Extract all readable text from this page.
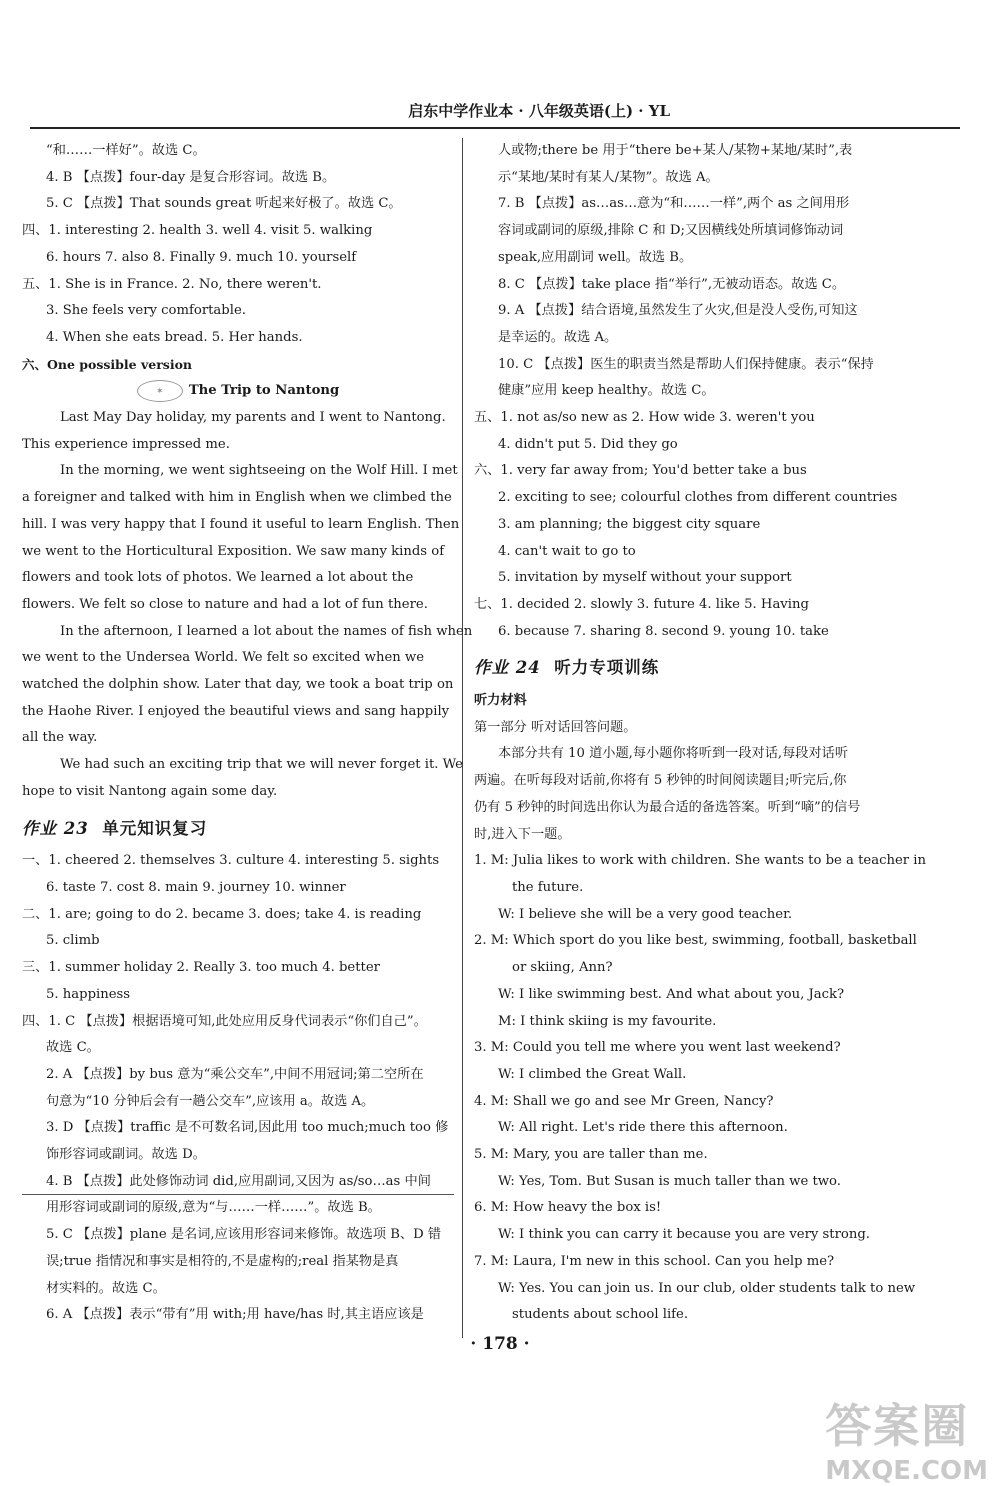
启东中学作业本 · 八年级英语(上) · YL
“和……一样好”。故选 C。
4. B 【点拨】four-day 是复合形容词。故选 B。
5. C 【点拨】That sounds great 听起来好极了。故选 C。
四、1. interesting 2. health 3. well 4. visit 5. walking
6. hours 7. also 8. Finally 9. much 10. yourself
五、1. She is in France. 2. No, there weren't.
3. She feels very comfortable.
4. When she eats bread. 5. Her hands.
六、One possible version
✶ The Trip to Nantong
Last May Day holiday, my parents and I went to Nantong.
This experience impressed me.
In the morning, we went sightseeing on the Wolf Hill. I met
a foreigner and talked with him in English when we climbed the
hill. I was very happy that I found it useful to learn English. Then
we went to the Horticultural Exposition. We saw many kinds of
flowers and took lots of photos. We learned a lot about the
flowers. We felt so close to nature and had a lot of fun there.
In the afternoon, I learned a lot about the names of fish when
we went to the Undersea World. We felt so excited when we
watched the dolphin show. Later that day, we took a boat trip on
the Haohe River. I enjoyed the beautiful views and sang happily
all the way.
We had such an exciting trip that we will never forget it. We
hope to visit Nantong again some day.
作业 23 单元知识复习
一、1. cheered 2. themselves 3. culture 4. interesting 5. sights
6. taste 7. cost 8. main 9. journey 10. winner
二、1. are; going to do 2. became 3. does; take 4. is reading
5. climb
三、1. summer holiday 2. Really 3. too much 4. better
5. happiness
四、1. C 【点拨】根据语境可知,此处应用反身代词表示“你们自己”。
故选 C。
2. A 【点拨】by bus 意为“乘公交车”,中间不用冠词;第二空所在
句意为“10 分钟后会有一趟公交车”,应该用 a。故选 A。
3. D 【点拨】traffic 是不可数名词,因此用 too much;much too 修
饰形容词或副词。故选 D。
4. B 【点拨】此处修饰动词 did,应用副词,又因为 as/so…as 中间
用形容词或副词的原级,意为“与……一样……”。故选 B。
5. C 【点拨】plane 是名词,应该用形容词来修饰。故选项 B、D 错
误;true 指情况和事实是相符的,不是虚构的;real 指某物是真
材实料的。故选 C。
6. A 【点拨】表示“带有”用 with;用 have/has 时,其主语应该是
人或物;there be 用于“there be+某人/某物+某地/某时”,表
示“某地/某时有某人/某物”。故选 A。
7. B 【点拨】as…as…意为“和……一样”,两个 as 之间用形
容词或副词的原级,排除 C 和 D;又因横线处所填词修饰动词
speak,应用副词 well。故选 B。
8. C 【点拨】take place 指“举行”,无被动语态。故选 C。
9. A 【点拨】结合语境,虽然发生了火灾,但是没人受伤,可知这
是幸运的。故选 A。
10. C 【点拨】医生的职责当然是帮助人们保持健康。表示“保持
健康”应用 keep healthy。故选 C。
五、1. not as/so new as 2. How wide 3. weren't you
4. didn't put 5. Did they go
六、1. very far away from; You'd better take a bus
2. exciting to see; colourful clothes from different countries
3. am planning; the biggest city square
4. can't wait to go to
5. invitation by myself without your support
七、1. decided 2. slowly 3. future 4. like 5. Having
6. because 7. sharing 8. second 9. young 10. take
作业 24 听力专项训练
听力材料
第一部分 听对话回答问题。
本部分共有 10 道小题,每小题你将听到一段对话,每段对话听
两遍。在听每段对话前,你将有 5 秒钟的时间阅读题目;听完后,你
仍有 5 秒钟的时间选出你认为最合适的备选答案。听到“嘀”的信号
时,进入下一题。
1. M: Julia likes to work with children. She wants to be a teacher in
the future.
W: I believe she will be a very good teacher.
2. M: Which sport do you like best, swimming, football, basketball
or skiing, Ann?
W: I like swimming best. And what about you, Jack?
M: I think skiing is my favourite.
3. M: Could you tell me where you went last weekend?
W: I climbed the Great Wall.
4. M: Shall we go and see Mr Green, Nancy?
W: All right. Let's ride there this afternoon.
5. M: Mary, you are taller than me.
W: Yes, Tom. But Susan is much taller than we two.
6. M: How heavy the box is!
W: I think you can carry it because you are very strong.
7. M: Laura, I'm new in this school. Can you help me?
W: Yes. You can join us. In our club, older students talk to new
students about school life.
· 178 ·
答案圈
MXQE.COM
